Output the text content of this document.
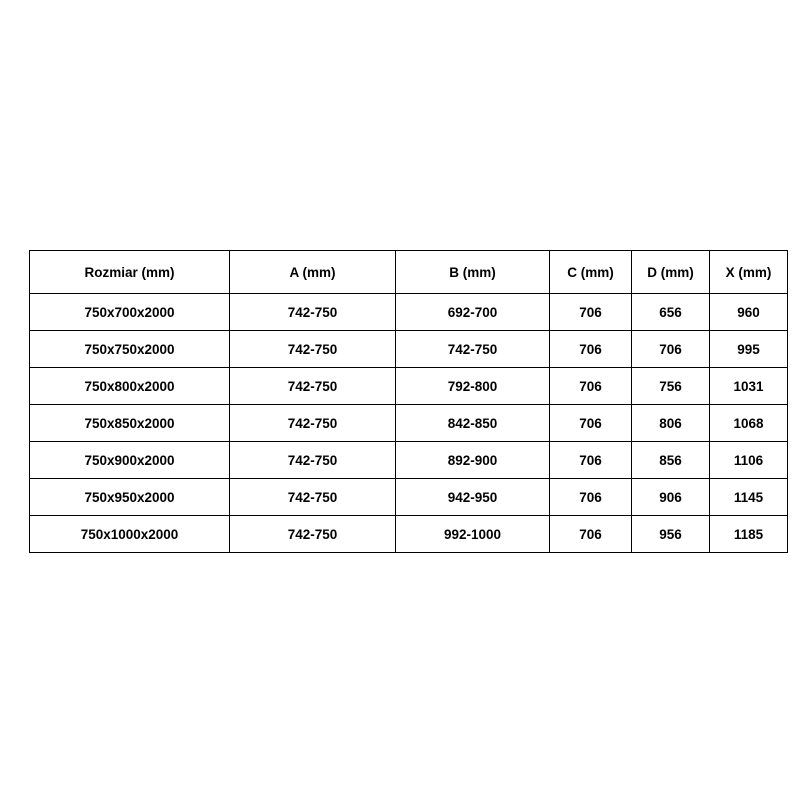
Rozmiar (mm)	A (mm)	B (mm)	C (mm)	D (mm)	X (mm)
750x700x2000	742-750	692-700	706	656	960
750x750x2000	742-750	742-750	706	706	995
750x800x2000	742-750	792-800	706	756	1031
750x850x2000	742-750	842-850	706	806	1068
750x900x2000	742-750	892-900	706	856	1106
750x950x2000	742-750	942-950	706	906	1145
750x1000x2000	742-750	992-1000	706	956	1185
